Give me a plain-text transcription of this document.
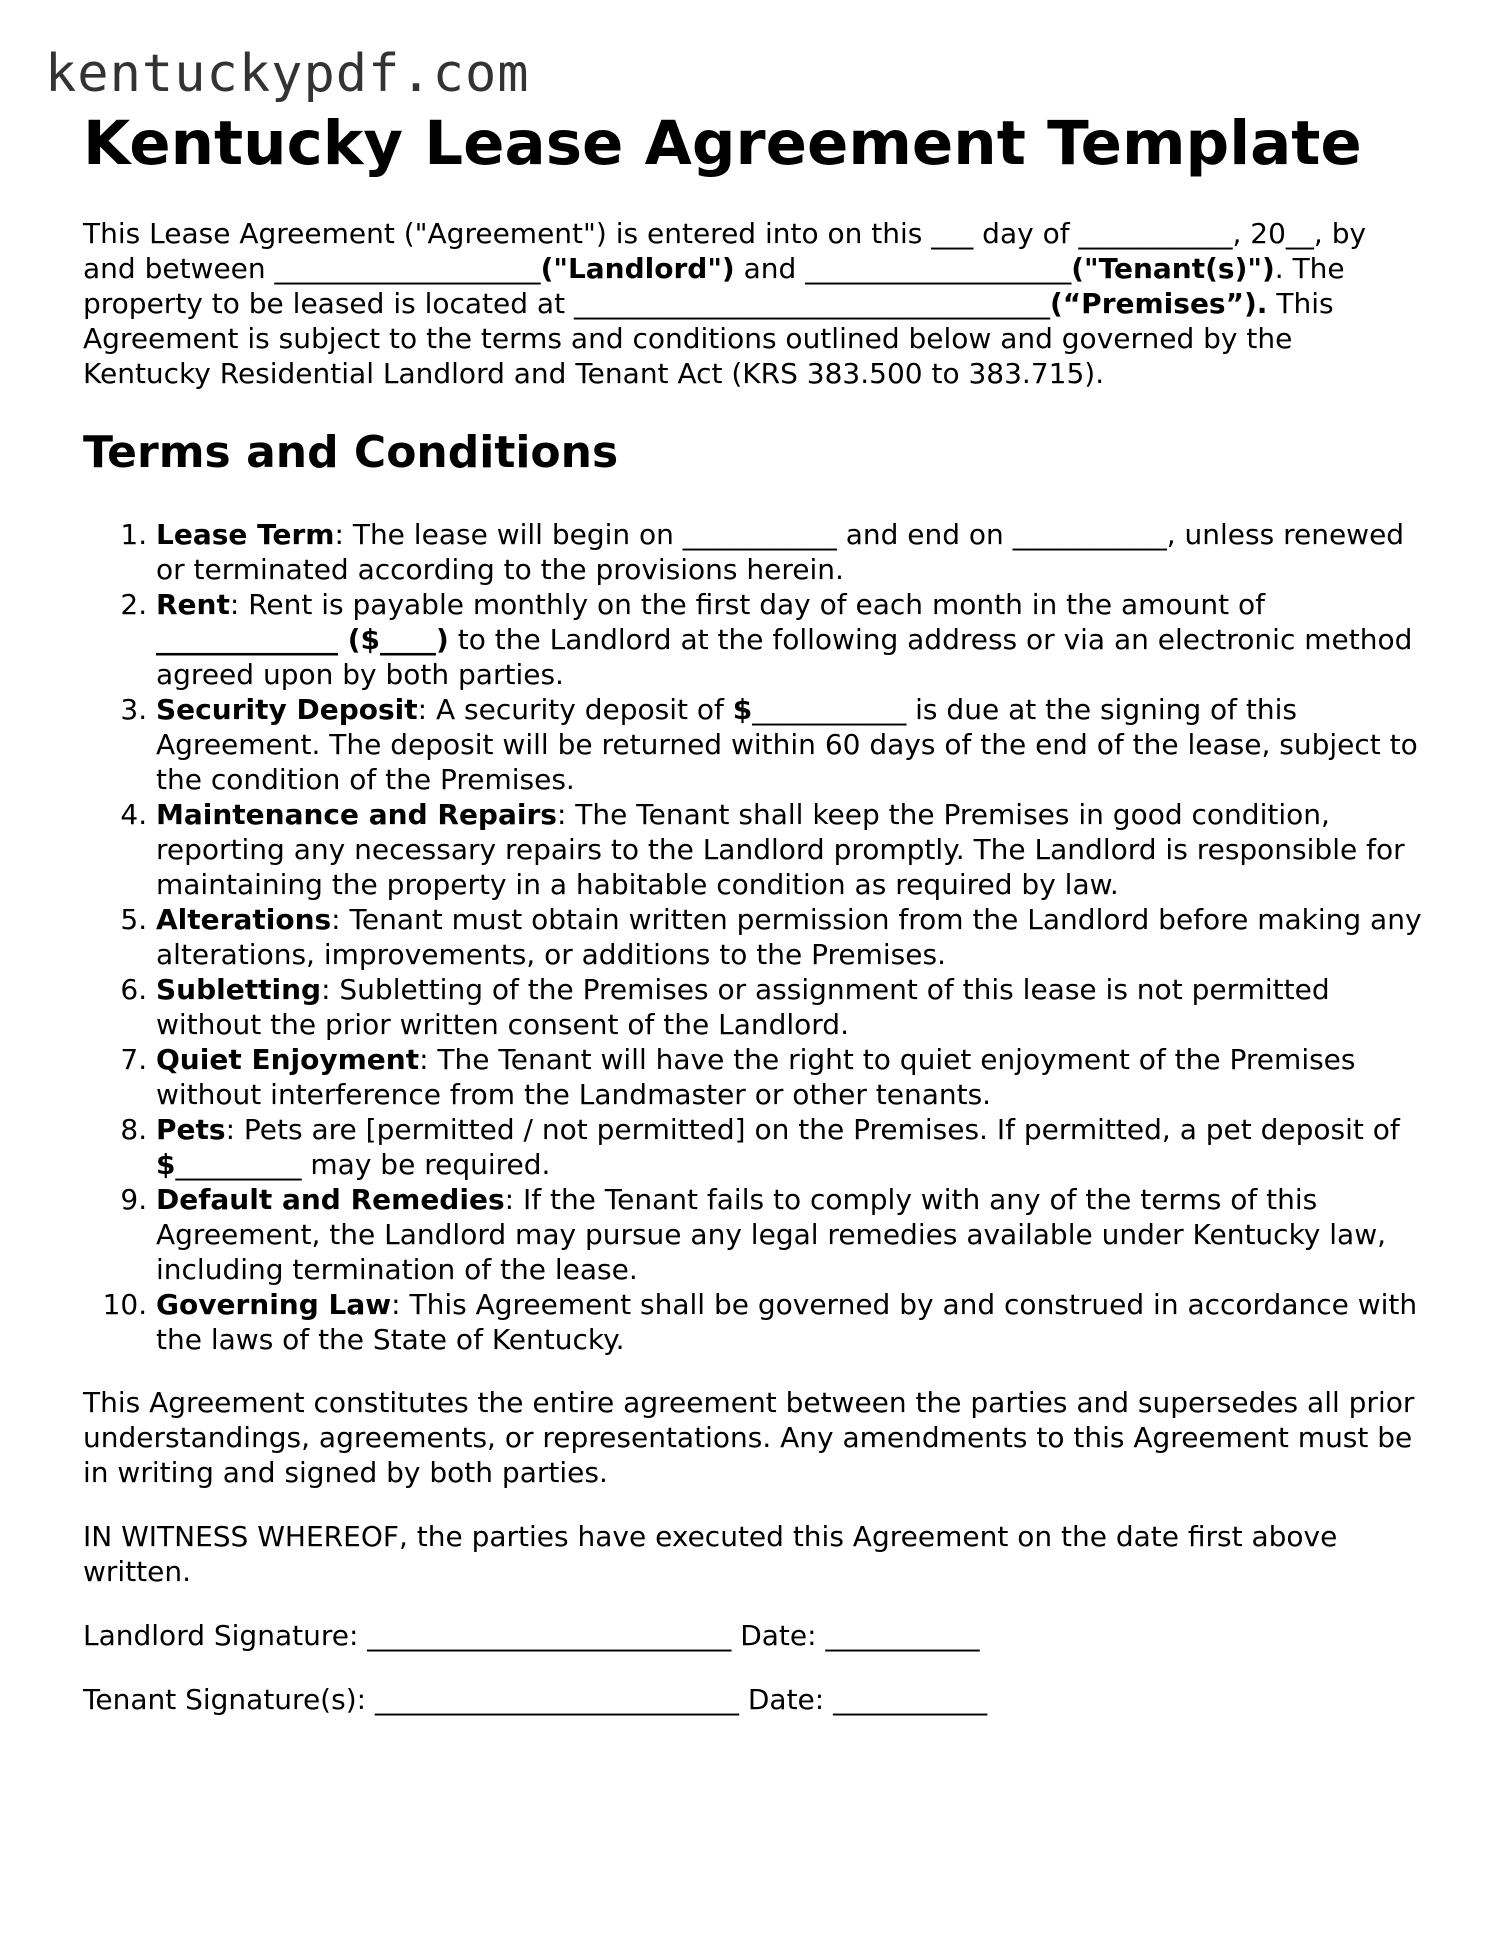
kentuckypdf.com
Kentucky Lease Agreement Template

This Lease Agreement ("Agreement") is entered into on this ___ day of ___________, 20__, by and between ___________________("Landlord") and ___________________("Tenant(s)"). The property to be leased is located at __________________________________(“Premises”). This Agreement is subject to the terms and conditions outlined below and governed by the Kentucky Residential Landlord and Tenant Act (KRS 383.500 to 383.715).

Terms and Conditions
1. Lease Term: The lease will begin on ___________ and end on ___________, unless renewed or terminated according to the provisions herein.
2. Rent: Rent is payable monthly on the first day of each month in the amount of
_____________ ($____) to the Landlord at the following address or via an electronic method agreed upon by both parties.
3. Security Deposit: A security deposit of $___________ is due at the signing of this Agreement. The deposit will be returned within 60 days of the end of the lease, subject to the condition of the Premises.
4. Maintenance and Repairs: The Tenant shall keep the Premises in good condition, reporting any necessary repairs to the Landlord promptly. The Landlord is responsible for maintaining the property in a habitable condition as required by law.
5. Alterations: Tenant must obtain written permission from the Landlord before making any alterations, improvements, or additions to the Premises.
6. Subletting: Subletting of the Premises or assignment of this lease is not permitted without the prior written consent of the Landlord.
7. Quiet Enjoyment: The Tenant will have the right to quiet enjoyment of the Premises without interference from the Landmaster or other tenants.
8. Pets: Pets are [permitted / not permitted] on the Premises. If permitted, a pet deposit of $_________ may be required.
9. Default and Remedies: If the Tenant fails to comply with any of the terms of this Agreement, the Landlord may pursue any legal remedies available under Kentucky law, including termination of the lease.
10. Governing Law: This Agreement shall be governed by and construed in accordance with the laws of the State of Kentucky.

This Agreement constitutes the entire agreement between the parties and supersedes all prior understandings, agreements, or representations. Any amendments to this Agreement must be in writing and signed by both parties.

IN WITNESS WHEREOF, the parties have executed this Agreement on the date first above written.

Landlord Signature: __________________________ Date: ___________
Tenant Signature(s): __________________________ Date: ___________
